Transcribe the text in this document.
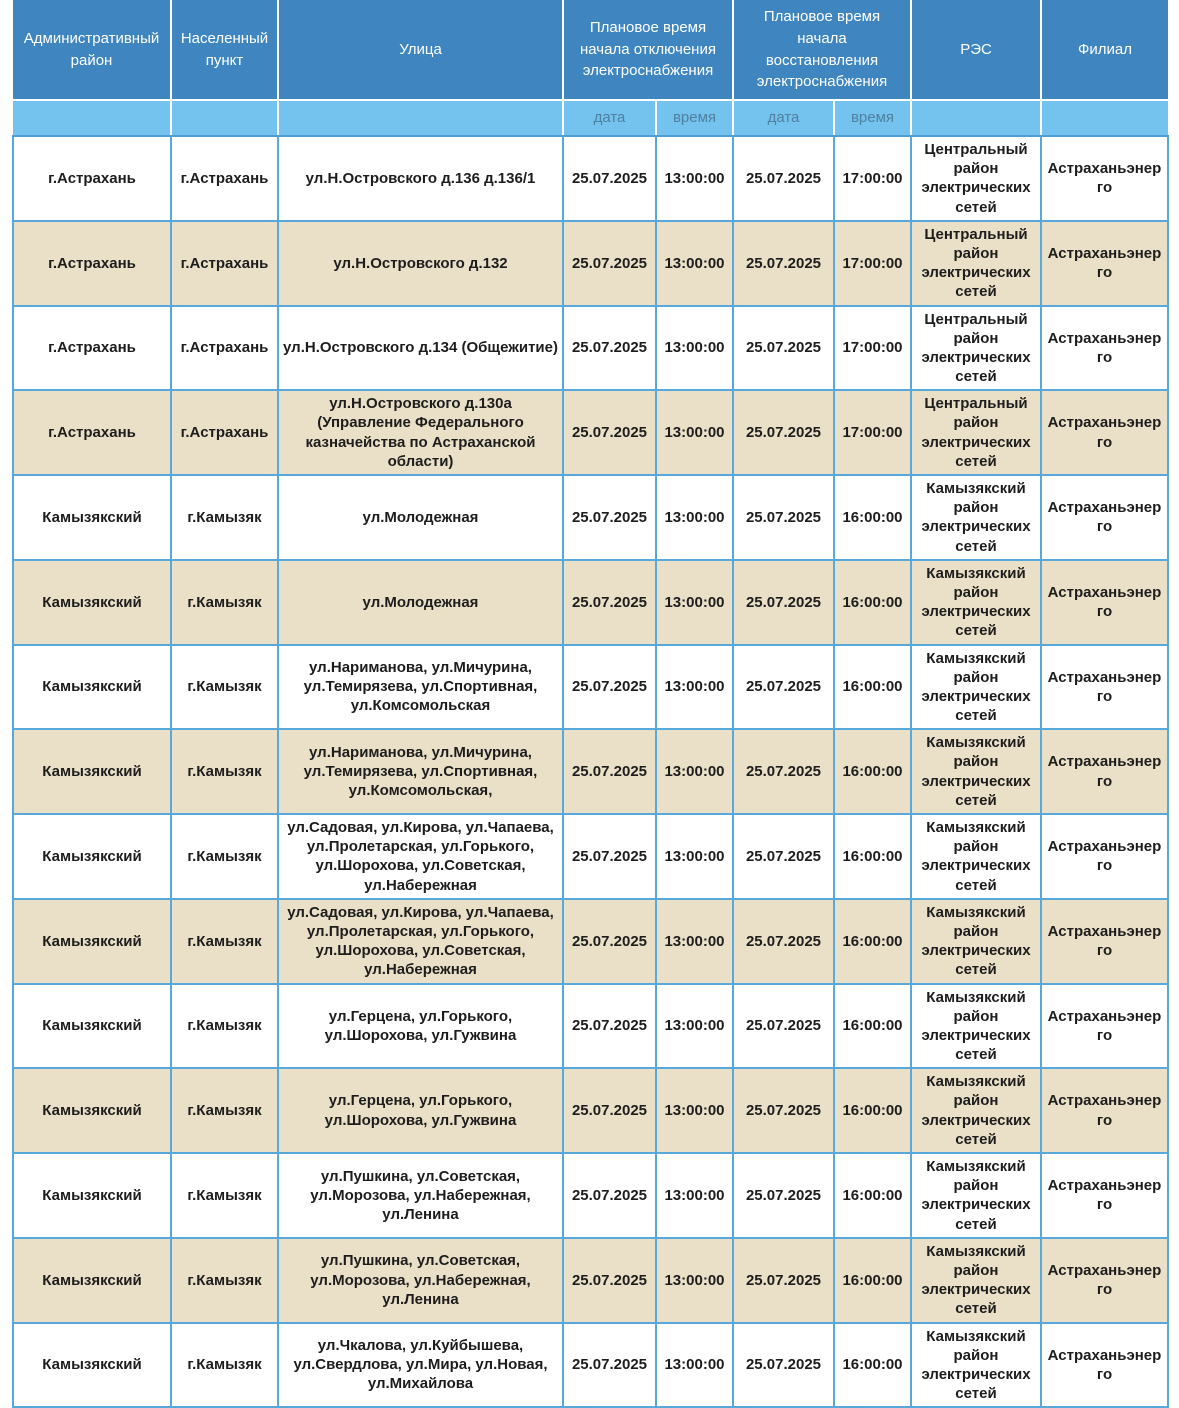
Административный район	Населенный пункт	Улица	Плановое время начала отключения электроснабжения		Плановое время начала восстановления электроснабжения		РЭС	Филиал
			дата	время	дата	время		
г.Астрахань	г.Астрахань	ул.Н.Островского д.136 д.136/1	25.07.2025	13:00:00	25.07.2025	17:00:00	Центральный район электрических сетей	Астраханьэнерго
г.Астрахань	г.Астрахань	ул.Н.Островского д.132	25.07.2025	13:00:00	25.07.2025	17:00:00	Центральный район электрических сетей	Астраханьэнерго
г.Астрахань	г.Астрахань	ул.Н.Островского д.134 (Общежитие)	25.07.2025	13:00:00	25.07.2025	17:00:00	Центральный район электрических сетей	Астраханьэнерго
г.Астрахань	г.Астрахань	ул.Н.Островского д.130а (Управление Федерального казначейства по Астраханской области)	25.07.2025	13:00:00	25.07.2025	17:00:00	Центральный район электрических сетей	Астраханьэнерго
Камызякский	г.Камызяк	ул.Молодежная	25.07.2025	13:00:00	25.07.2025	16:00:00	Камызякский район электрических сетей	Астраханьэнерго
Камызякский	г.Камызяк	ул.Молодежная	25.07.2025	13:00:00	25.07.2025	16:00:00	Камызякский район электрических сетей	Астраханьэнерго
Камызякский	г.Камызяк	ул.Нариманова, ул.Мичурина, ул.Темирязева, ул.Спортивная, ул.Комсомольская	25.07.2025	13:00:00	25.07.2025	16:00:00	Камызякский район электрических сетей	Астраханьэнерго
Камызякский	г.Камызяк	ул.Нариманова, ул.Мичурина, ул.Темирязева, ул.Спортивная, ул.Комсомольская,	25.07.2025	13:00:00	25.07.2025	16:00:00	Камызякский район электрических сетей	Астраханьэнерго
Камызякский	г.Камызяк	ул.Садовая, ул.Кирова, ул.Чапаева, ул.Пролетарская, ул.Горького, ул.Шорохова, ул.Советская, ул.Набережная	25.07.2025	13:00:00	25.07.2025	16:00:00	Камызякский район электрических сетей	Астраханьэнерго
Камызякский	г.Камызяк	ул.Садовая, ул.Кирова, ул.Чапаева, ул.Пролетарская, ул.Горького, ул.Шорохова, ул.Советская, ул.Набережная	25.07.2025	13:00:00	25.07.2025	16:00:00	Камызякский район электрических сетей	Астраханьэнерго
Камызякский	г.Камызяк	ул.Герцена, ул.Горького, ул.Шорохова, ул.Гужвина	25.07.2025	13:00:00	25.07.2025	16:00:00	Камызякский район электрических сетей	Астраханьэнерго
Камызякский	г.Камызяк	ул.Герцена, ул.Горького, ул.Шорохова, ул.Гужвина	25.07.2025	13:00:00	25.07.2025	16:00:00	Камызякский район электрических сетей	Астраханьэнерго
Камызякский	г.Камызяк	ул.Пушкина, ул.Советская, ул.Морозова, ул.Набережная, ул.Ленина	25.07.2025	13:00:00	25.07.2025	16:00:00	Камызякский район электрических сетей	Астраханьэнерго
Камызякский	г.Камызяк	ул.Пушкина, ул.Советская, ул.Морозова, ул.Набережная, ул.Ленина	25.07.2025	13:00:00	25.07.2025	16:00:00	Камызякский район электрических сетей	Астраханьэнерго
Камызякский	г.Камызяк	ул.Чкалова, ул.Куйбышева, ул.Свердлова, ул.Мира, ул.Новая, ул.Михайлова	25.07.2025	13:00:00	25.07.2025	16:00:00	Камызякский район электрических сетей	Астраханьэнерго
